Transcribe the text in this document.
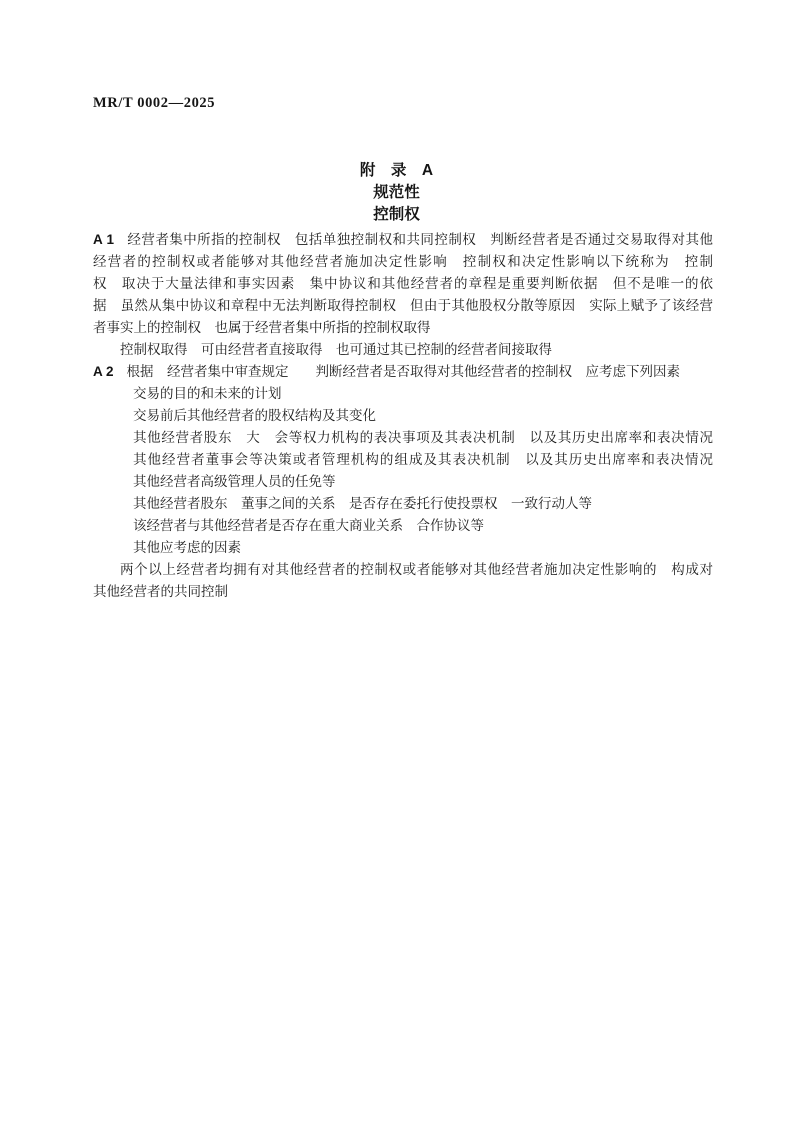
MR/T 0002—2025
附　录　A
规范性
控制权
A 1 经营者集中所指的控制权　包括单独控制权和共同控制权　判断经营者是否通过交易取得对其他
经营者的控制权或者能够对其他经营者施加决定性影响　控制权和决定性影响以下统称为　控制
权　取决于大量法律和事实因素　集中协议和其他经营者的章程是重要判断依据　但不是唯一的依
据　虽然从集中协议和章程中无法判断取得控制权　但由于其他股权分散等原因　实际上赋予了该经营
者事实上的控制权　也属于经营者集中所指的控制权取得
控制权取得　可由经营者直接取得　也可通过其已控制的经营者间接取得
A 2 根据　经营者集中审查规定　　判断经营者是否取得对其他经营者的控制权　应考虑下列因素
交易的目的和未来的计划
交易前后其他经营者的股权结构及其变化
其他经营者股东　大　会等权力机构的表决事项及其表决机制　以及其历史出席率和表决情况
其他经营者董事会等决策或者管理机构的组成及其表决机制　以及其历史出席率和表决情况
其他经营者高级管理人员的任免等
其他经营者股东　董事之间的关系　是否存在委托行使投票权　一致行动人等
该经营者与其他经营者是否存在重大商业关系　合作协议等
其他应考虑的因素
两个以上经营者均拥有对其他经营者的控制权或者能够对其他经营者施加决定性影响的　构成对
其他经营者的共同控制
